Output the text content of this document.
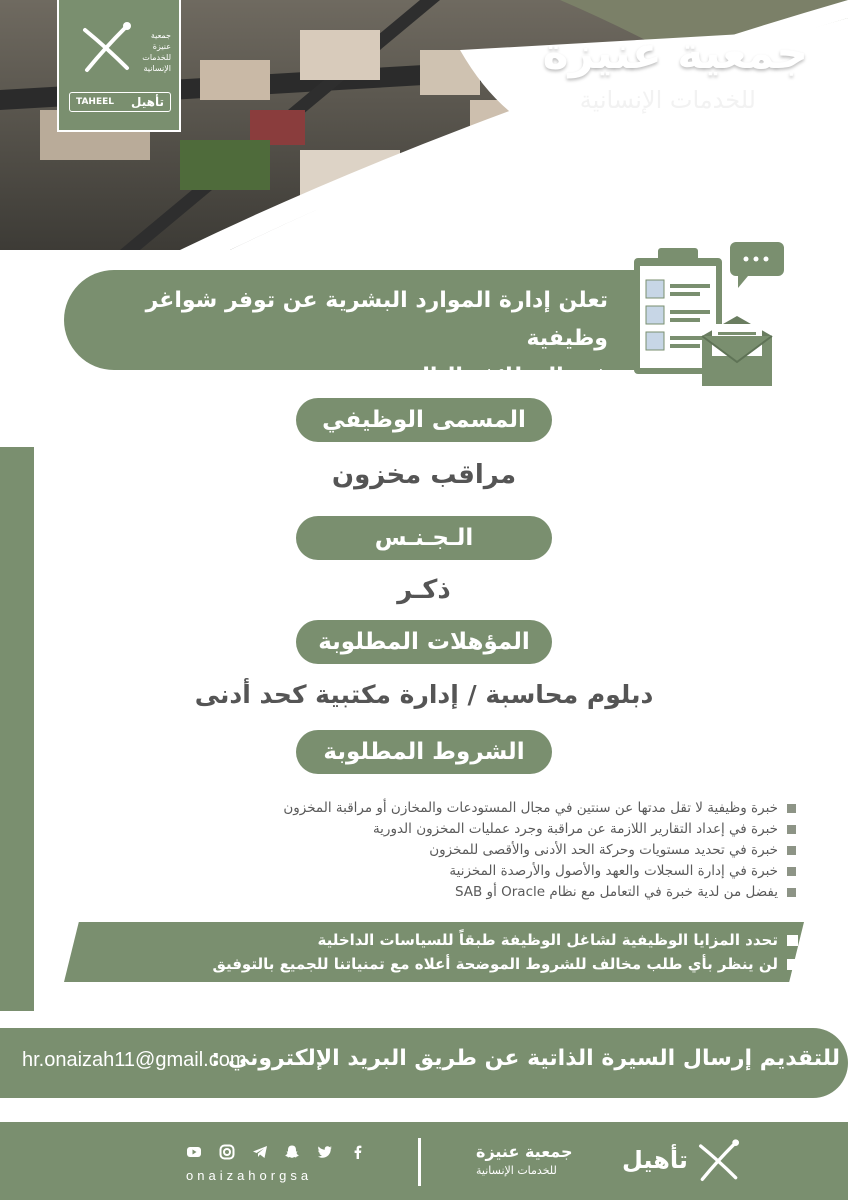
جمعية
عنيزة
للخدمات
الإنسانية
TAHEEL تأهيل
جمعية عنيزة
للخدمات الإنسانية
تعلن إدارة الموارد البشرية عن توفر شواغر وظيفية
في الوظائف التالية
المسمى الوظيفي
مراقب مخزون
الـجـنـس
ذكـر
المؤهلات المطلوبة
دبلوم محاسبة / إدارة مكتبية كحد أدنى
الشروط المطلوبة
خبرة وظيفية لا تقل مدتها عن سنتين في مجال المستودعات والمخازن أو مراقبة المخزون
خبرة في إعداد التقارير اللازمة عن مراقبة وجرد عمليات المخزون الدورية
خبرة في تحديد مستويات وحركة الحد الأدنى والأقصى للمخزون
خبرة في إدارة السجلات والعهد والأصول والأرصدة المخزنية
يفضل من لدية خبرة في التعامل مع نظام Oracle أو SAB
تحدد المزايا الوظيفية لشاغل الوظيفة طبقاً للسياسات الداخلية
لن ينظر بأي طلب مخالف للشروط الموضحة أعلاه مع تمنياتنا للجميع بالتوفيق
للتقديم إرسال السيرة الذاتية عن طريق البريد الإلكتروني :
hr.onaizah11@gmail.com
onaizahorgsa
جمعية عنيزة
للخدمات الإنسانية	تأهيل
